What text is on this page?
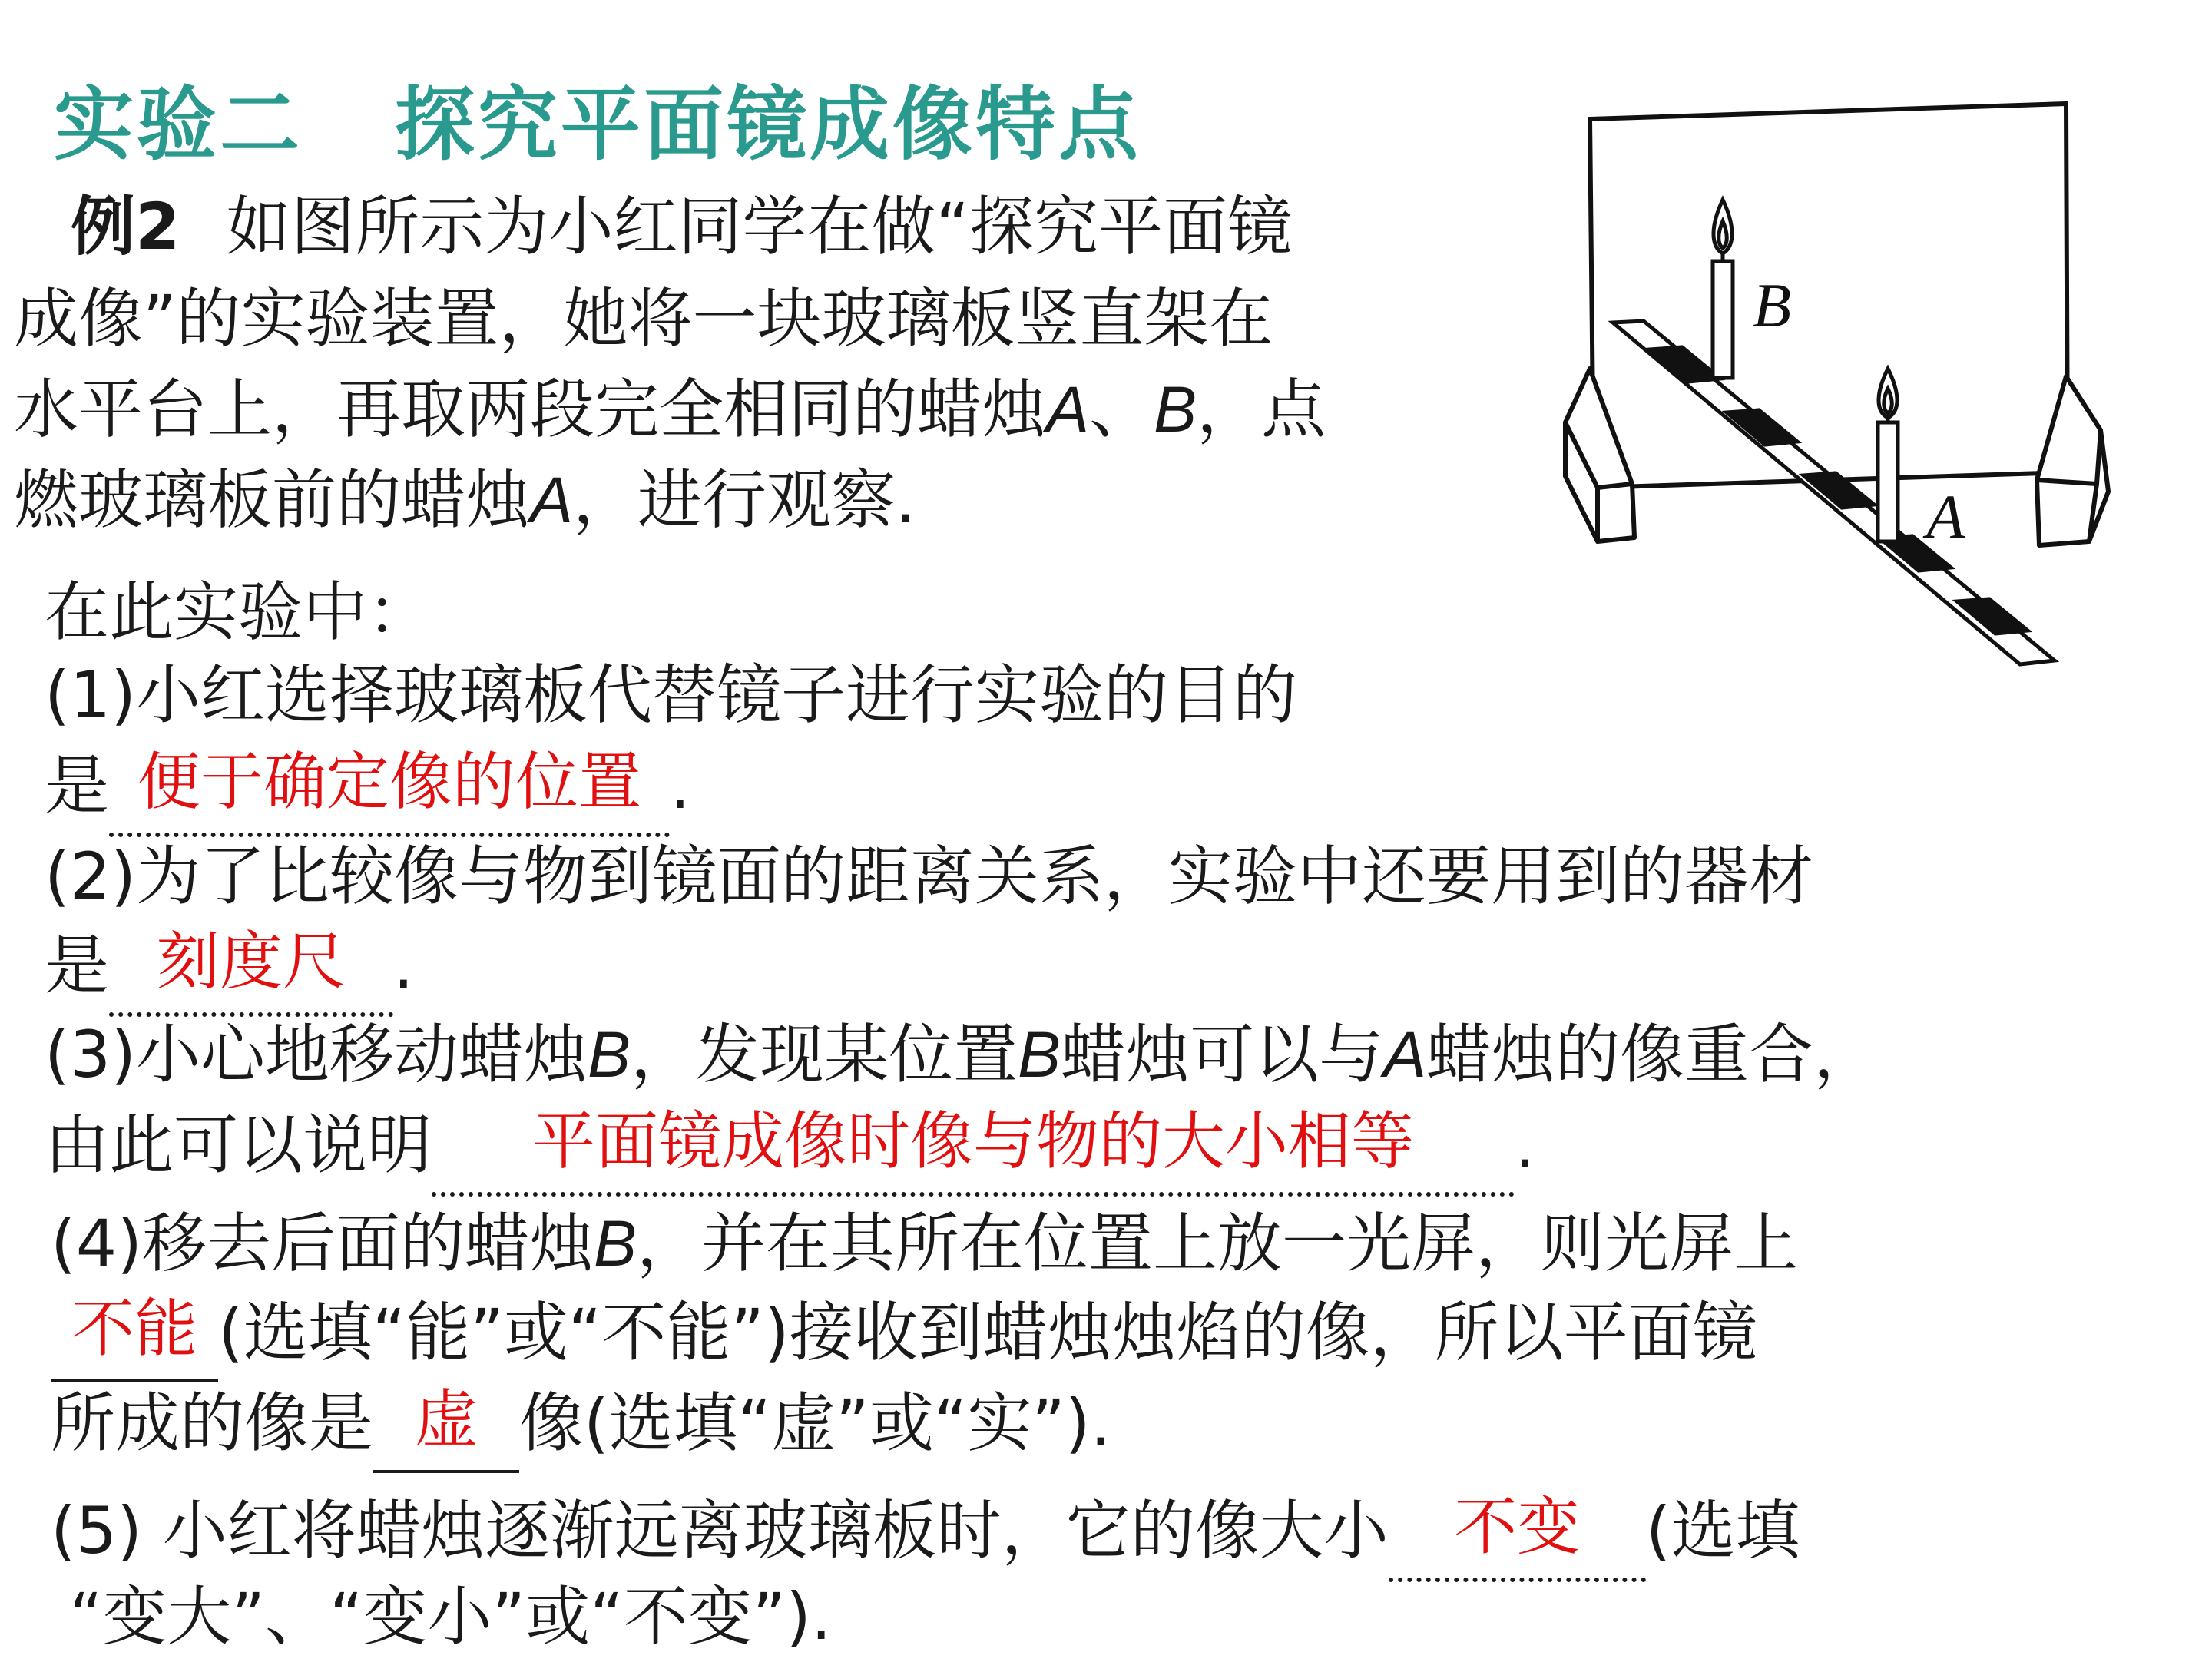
实验二 探究平面镜成像特点
例2 如图所示为小红同学在做“探究平面镜
成像”的实验装置，她将一块玻璃板竖直架在
水平台上，再取两段完全相同的蜡烛A、B，点
燃玻璃板前的蜡烛A，进行观察.
在此实验中：
(1)小红选择玻璃板代替镜子进行实验的目的
是 便于确定像的位置 .
(2)为了比较像与物到镜面的距离关系，实验中还要用到的器材
是 刻度尺 .
(3)小心地移动蜡烛B，发现某位置B蜡烛可以与A蜡烛的像重合，
由此可以说明 平面镜成像时像与物的大小相等 .
(4)移去后面的蜡烛B，并在其所在位置上放一光屏，则光屏上
不能 (选填“能”或“不能”)接收到蜡烛烛焰的像，所以平面镜
所成的像是 虚 像(选填“虚”或“实”).
(5) 小红将蜡烛逐渐远离玻璃板时，它的像大小 不变 (选填
“变大”、“变小”或“不变”).
B
A
